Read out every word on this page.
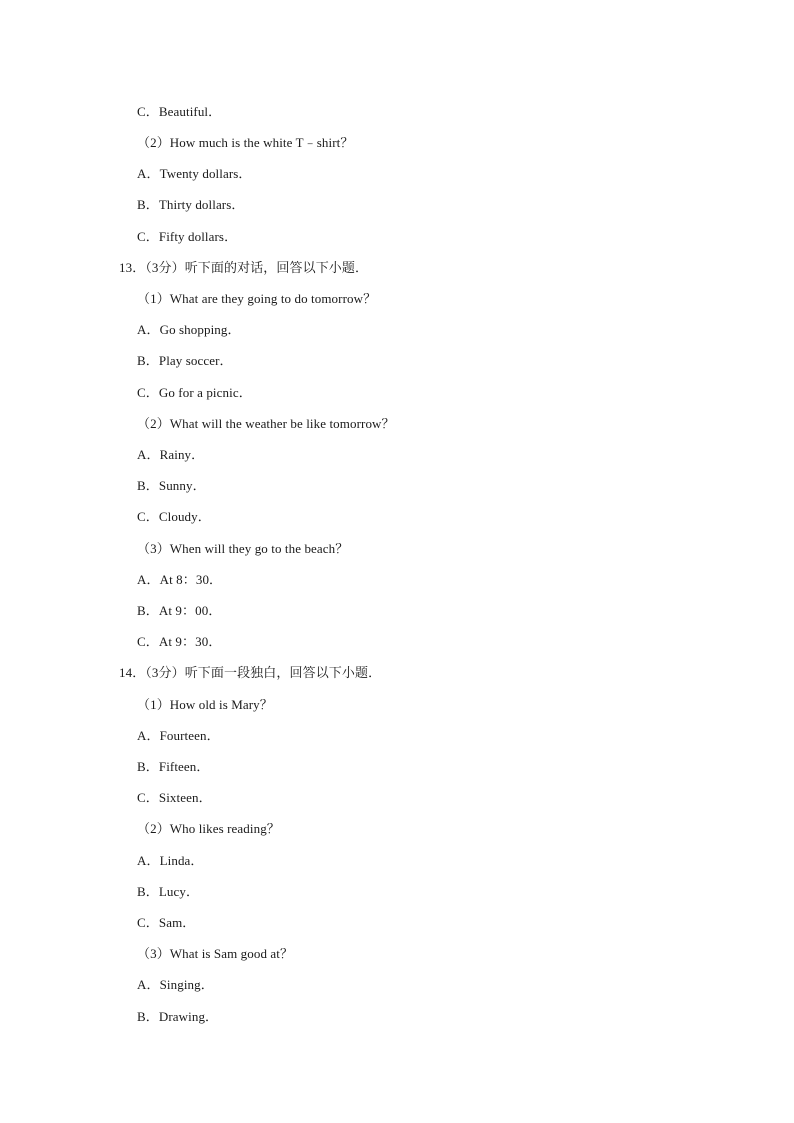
C．Beautiful．
（2）How much is the white T﹣shirt？
A．Twenty dollars．
B．Thirty dollars．
C．Fifty dollars．
13．（3分）听下面的对话，回答以下小题．
（1）What are they going to do tomorrow？
A．Go shopping．
B．Play soccer．
C．Go for a picnic．
（2）What will the weather be like tomorrow？
A．Rainy．
B．Sunny．
C．Cloudy．
（3）When will they go to the beach？
A．At 8：30．
B．At 9：00．
C．At 9：30．
14．（3分）听下面一段独白，回答以下小题．
（1）How old is Mary？
A．Fourteen．
B．Fifteen．
C．Sixteen．
（2）Who likes reading？
A．Linda．
B．Lucy．
C．Sam．
（3）What is Sam good at？
A．Singing．
B．Drawing．
